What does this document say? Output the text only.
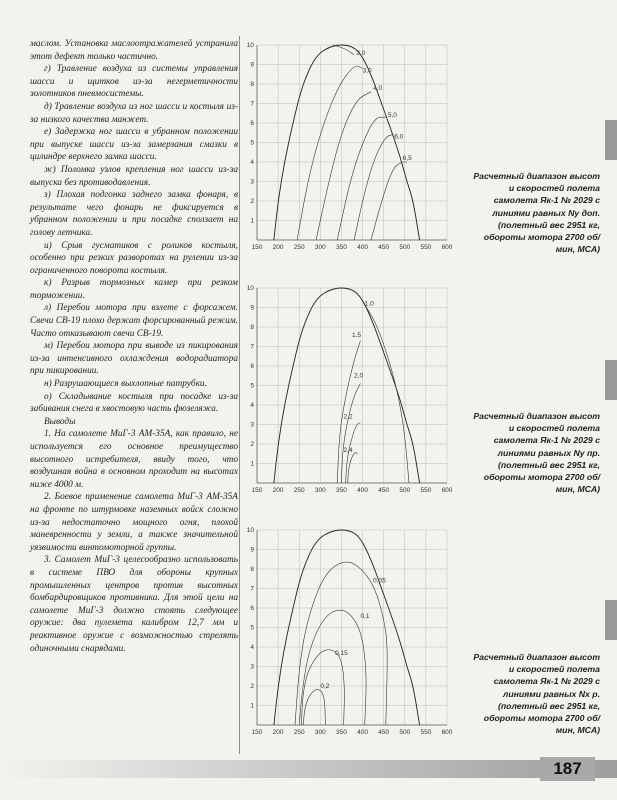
маслом. Установка маслоотражателей устранила этот дефект только частично.

г) Травление воздуха из системы управления шасси и щитков из-за негерметичности золотников пневмосистемы.

д) Травление воздуха из ног шасси и костыля из-за низкого качества манжет.

е) Задержка ног шасси в убранном положении при выпуске шасси из-за замерзания смазки в цилиндре верхнего замка шасси.

ж) Поломка узлов крепления ног шасси из-за выпуска без противодавления.

з) Плохая подгонка заднего замка фонаря, в результате чего фонарь не фиксируется в убранном положении и при посадке сползает на голову летчика.

и) Срыв гусматиков с роликов костыля, особенно при резких разворотах на рулении из-за ограниченного поворота костыля.

к) Разрыв тормозных камер при резком торможении.

л) Перебои мотора при взлете с форсажем. Свечи СВ-19 плохо держат форсированный режим. Часто отказывают свечи СВ-19.

м) Перебои мотора при выводе из пикирования из-за интенсивного охлаждения водорадиатора при пикировании.

н) Разрушающиеся выхлопные патрубки.

о) Складывание костыля при посадке из-за забивания снега в хвостовую часть фюзеляжа.

Выводы

1. На самолете МиГ-3 АМ-35А, как правило, не используется его основное преимущество высотного истребителя, ввиду того, что воздушная война в основном проходит на высотах ниже 4000 м.

2. Боевое применение самолета МиГ-3 АМ-35А на фронте по штурмовке наземных войск сложно из-за недостаточно мощного огня, плохой маневренности у земли, а также значительной уязвимости винтомоторной группы.

3. Самолет МиГ-3 целесообразно использовать в системе ПВО для обороны крупных промышленных центров против высотных бомбардировщиков противника. Для этой цели на самолете МиГ-3 должно стоять следующее оружие: два пулемета калибром 12,7 мм и реактивное оружие с возможностью стрелять одиночными снарядами.

150 200 250 300 350 400 450 500 550 600
1
2
3
4
5
6
7
8
9
10
2,0
3,0
4,0
5,0
6,0
6,5
Расчетный диапазон высот и скоростей полета самолета Як-1 № 2029 с линиями равных Ny доп. (полетный вес 2951 кг, обороты мотора 2700 об/мин, МСА)
150 200 250 300 350 400 450 500 550 600
1
2
3
4
5
6
7
8
9
10
1,0
1,5
2,0
2,2
2,4
Расчетный диапазон высот и скоростей полета самолета Як-1 № 2029 с линиями равных Ny пр. (полетный вес 2951 кг, обороты мотора 2700 об/мин, МСА)
150 200 250 300 350 400 450 500 550 600
1
2
3
4
5
6
7
8
9
10
0,05
0,1
0,15
0,2
Расчетный диапазон высот и скоростей полета самолета Як-1 № 2029 с линиями равных Nх р. (полетный вес 2951 кг, обороты мотора 2700 об/мин, МСА)
187
